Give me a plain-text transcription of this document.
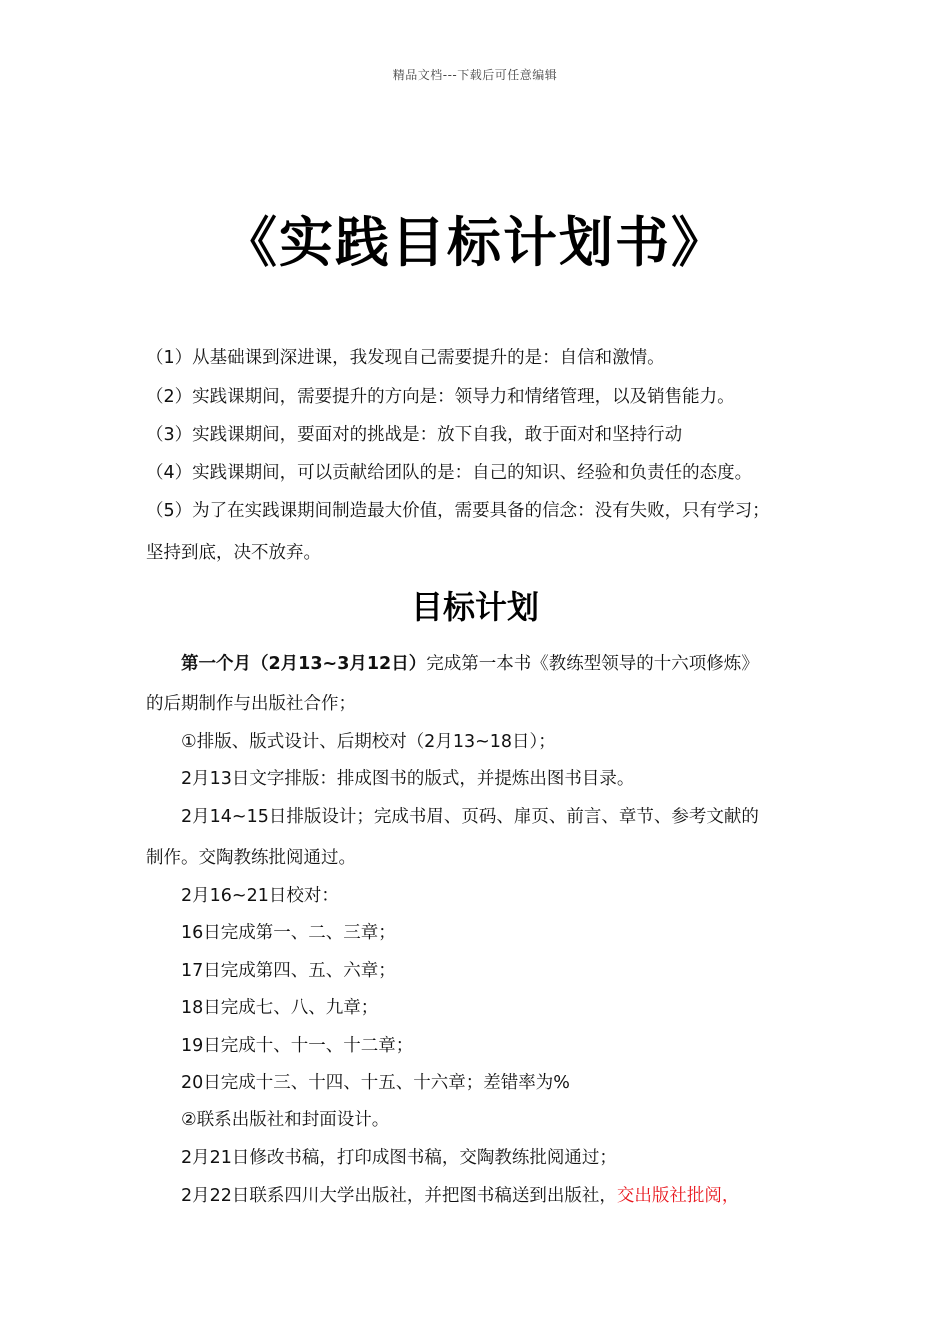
精品文档---下载后可任意编辑
《实践目标计划书》
（1）从基础课到深进课，我发现自己需要提升的是：自信和激情。
（2）实践课期间，需要提升的方向是：领导力和情绪管理，以及销售能力。
（3）实践课期间，要面对的挑战是：放下自我，敢于面对和坚持行动
（4）实践课期间，可以贡献给团队的是：自己的知识、经验和负责任的态度。
（5）为了在实践课期间制造最大价值，需要具备的信念：没有失败，只有学习；
坚持到底，决不放弃。
目标计划
第一个月（2月13~3月12日）完成第一本书《教练型领导的十六项修炼》
的后期制作与出版社合作；
①排版、版式设计、后期校对（2月13~18日）；
2月13日文字排版：排成图书的版式，并提炼出图书目录。
2月14~15日排版设计；完成书眉、页码、扉页、前言、章节、参考文献的
制作。交陶教练批阅通过。
2月16~21日校对：
16日完成第一、二、三章；
17日完成第四、五、六章；
18日完成七、八、九章；
19日完成十、十一、十二章；
20日完成十三、十四、十五、十六章；差错率为%
②联系出版社和封面设计。
2月21日修改书稿，打印成图书稿，交陶教练批阅通过；
2月22日联系四川大学出版社，并把图书稿送到出版社，交出版社批阅，
